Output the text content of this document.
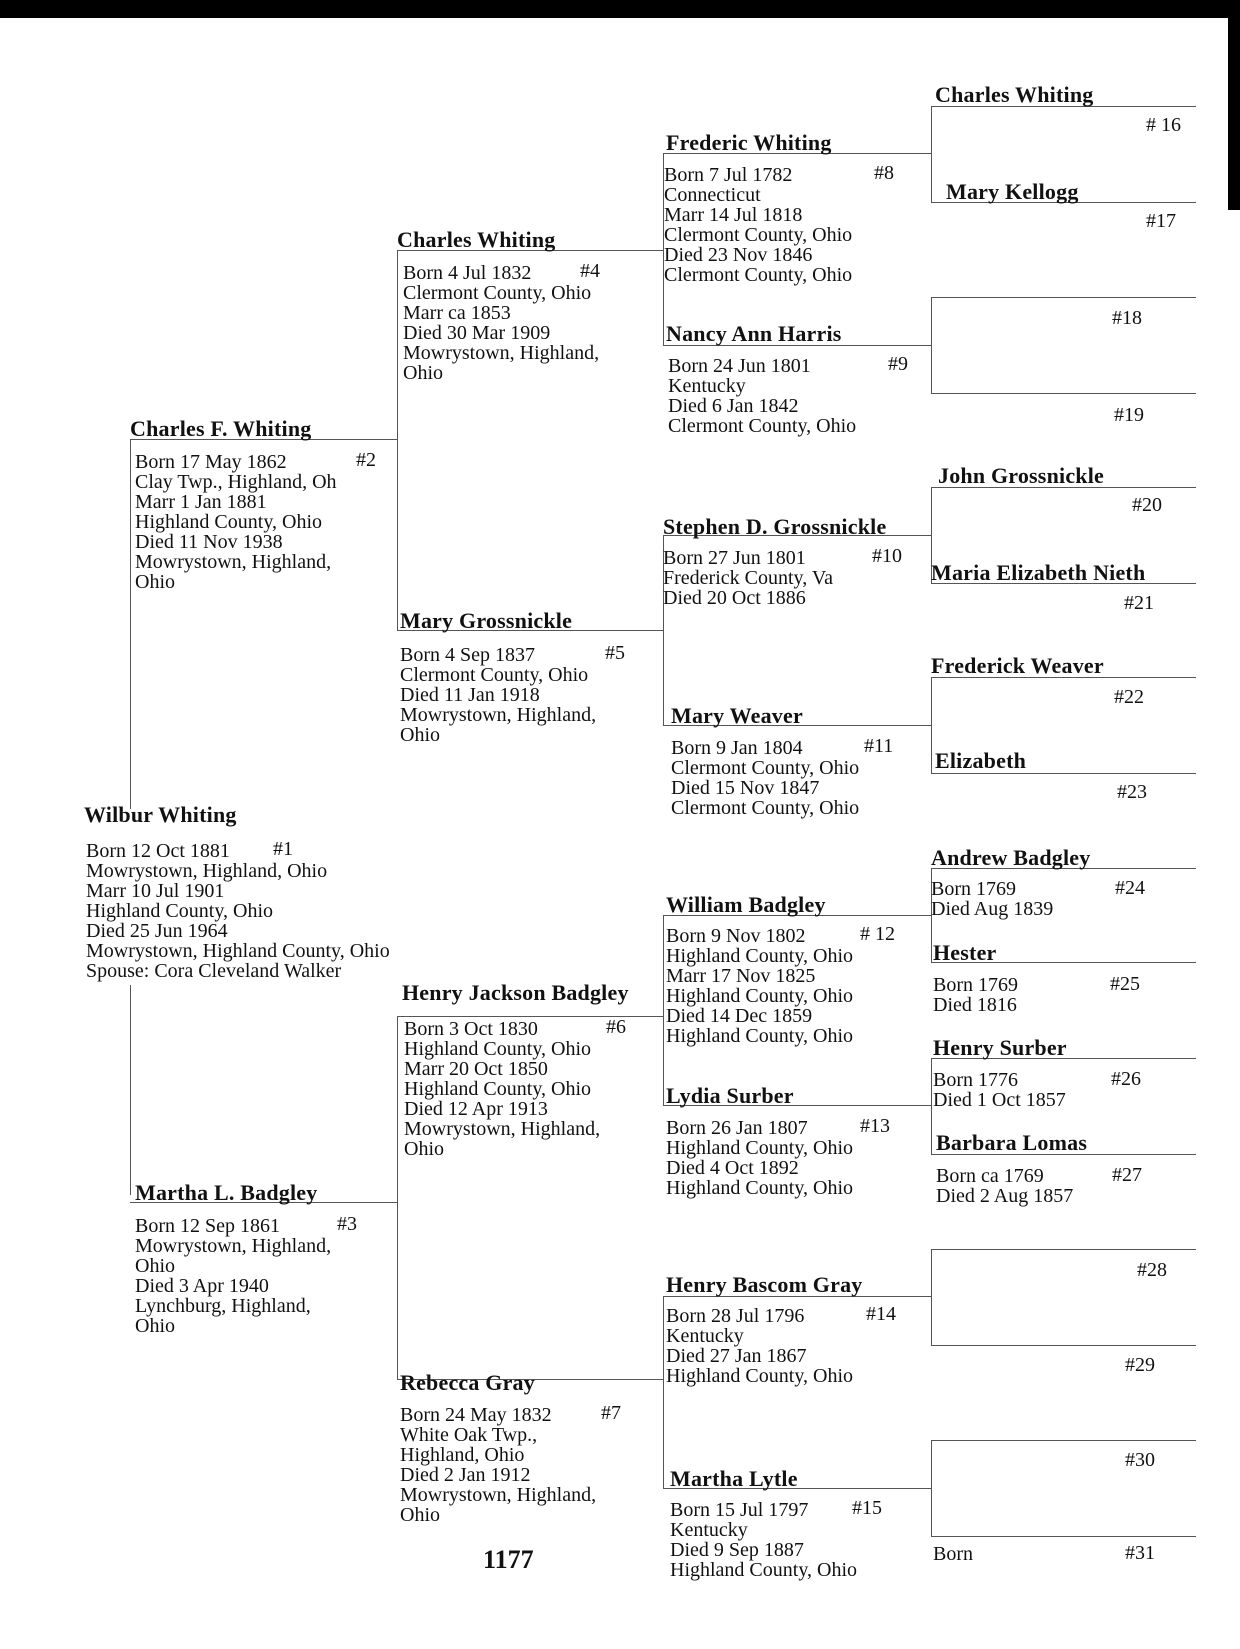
Wilbur Whiting
Born 12 Oct 1881
Mowrystown, Highland, Ohio
Marr 10 Jul 1901
Highland County, Ohio
Died 25 Jun 1964
Mowrystown, Highland County, Ohio
Spouse: Cora Cleveland Walker
#1
Charles F. Whiting
Born 17 May 1862
Clay Twp., Highland, Oh
Marr 1 Jan 1881
Highland County, Ohio
Died 11 Nov 1938
Mowrystown, Highland,
Ohio
#2
Martha L. Badgley
Born 12 Sep 1861
Mowrystown, Highland,
Ohio
Died 3 Apr 1940
Lynchburg, Highland,
Ohio
#3
Charles Whiting
Born 4 Jul 1832
Clermont County, Ohio
Marr ca 1853
Died 30 Mar 1909
Mowrystown, Highland,
Ohio
#4
Mary Grossnickle
Born 4 Sep 1837
Clermont County, Ohio
Died 11 Jan 1918
Mowrystown, Highland,
Ohio
#5
Henry Jackson Badgley
Born 3 Oct 1830
Highland County, Ohio
Marr 20 Oct 1850
Highland County, Ohio
Died 12 Apr 1913
Mowrystown, Highland,
Ohio
#6
Rebecca Gray
Born 24 May 1832
White Oak Twp.,
Highland, Ohio
Died 2 Jan 1912
Mowrystown, Highland,
Ohio
#7
Frederic Whiting
Born 7 Jul 1782
Connecticut
Marr 14 Jul 1818
Clermont County, Ohio
Died 23 Nov 1846
Clermont County, Ohio
#8
Nancy Ann Harris
Born 24 Jun 1801
Kentucky
Died 6 Jan 1842
Clermont County, Ohio
#9
Stephen D. Grossnickle
Born 27 Jun 1801
Frederick County, Va
Died 20 Oct 1886
#10
Mary Weaver
Born 9 Jan 1804
Clermont County, Ohio
Died 15 Nov 1847
Clermont County, Ohio
#11
William Badgley
Born 9 Nov 1802
Highland County, Ohio
Marr 17 Nov 1825
Highland County, Ohio
Died 14 Dec 1859
Highland County, Ohio
# 12
Lydia Surber
Born 26 Jan 1807
Highland County, Ohio
Died 4 Oct 1892
Highland County, Ohio
#13
Henry Bascom Gray
Born 28 Jul 1796
Kentucky
Died 27 Jan 1867
Highland County, Ohio
#14
Martha Lytle
Born 15 Jul 1797
Kentucky
Died 9 Sep 1887
Highland County, Ohio
#15
Charles Whiting
# 16
Mary Kellogg
#17
#18
#19
John Grossnickle
#20
Maria Elizabeth Nieth
#21
Frederick Weaver
#22
Elizabeth
#23
Andrew Badgley
Born 1769
Died Aug 1839
#24
Hester
Born 1769
Died 1816
#25
Henry Surber
Born 1776
Died 1 Oct 1857
#26
Barbara Lomas
Born ca 1769
Died 2 Aug 1857
#27
#28
#29
#30
Born	#31
1177
